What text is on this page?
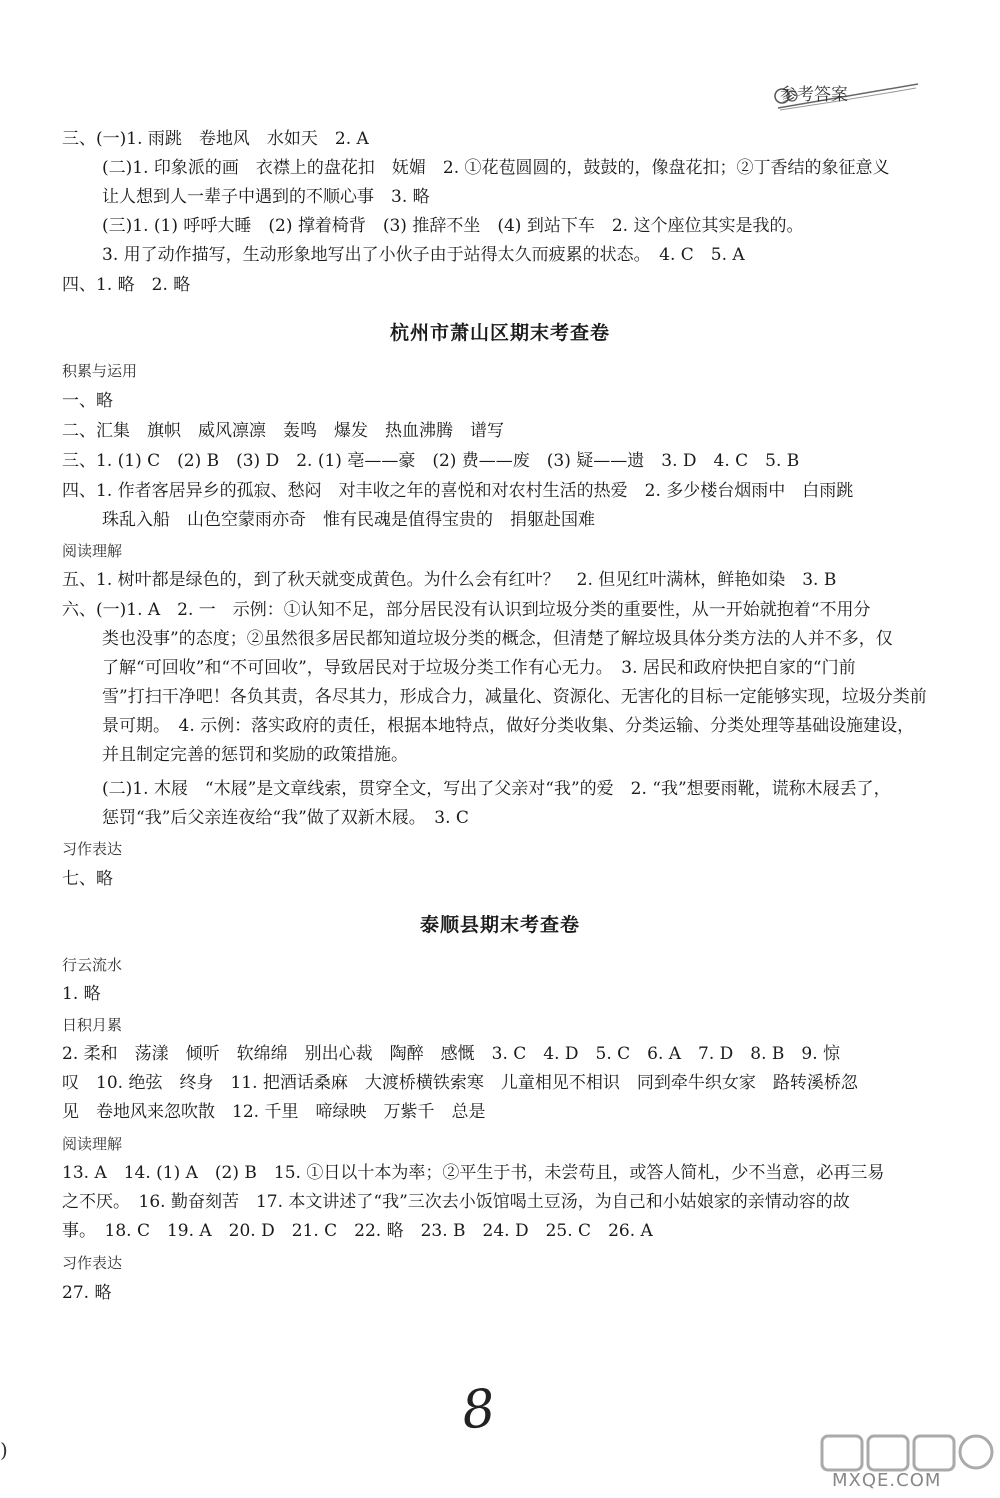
参考答案
三、(一)1. 雨跳　卷地风　水如天　2. A
(二)1. 印象派的画　衣襟上的盘花扣　妩媚　2. ①花苞圆圆的，鼓鼓的，像盘花扣；②丁香结的象征意义
让人想到人一辈子中遇到的不顺心事　3. 略
(三)1. (1) 呼呼大睡　(2) 撑着椅背　(3) 推辞不坐　(4) 到站下车　2. 这个座位其实是我的。
3. 用了动作描写，生动形象地写出了小伙子由于站得太久而疲累的状态。　4. C　5. A
四、1. 略　2. 略
杭州市萧山区期末考查卷
积累与运用
一、略
二、汇集　旗帜　威风凛凛　轰鸣　爆发　热血沸腾　谱写
三、1. (1) C　(2) B　(3) D　2. (1) 亳——豪　(2) 费——废　(3) 疑——遗　3. D　4. C　5. B
四、1. 作者客居异乡的孤寂、愁闷　对丰收之年的喜悦和对农村生活的热爱　2. 多少楼台烟雨中　白雨跳
珠乱入船　山色空蒙雨亦奇　惟有民魂是值得宝贵的　捐躯赴国难
阅读理解
五、1. 树叶都是绿色的，到了秋天就变成黄色。为什么会有红叶？　2. 但见红叶满林，鲜艳如染　3. B
六、(一)1. A　2. 一　示例：①认知不足，部分居民没有认识到垃圾分类的重要性，从一开始就抱着“不用分
类也没事”的态度；②虽然很多居民都知道垃圾分类的概念，但清楚了解垃圾具体分类方法的人并不多，仅
了解“可回收”和“不可回收”，导致居民对于垃圾分类工作有心无力。　3. 居民和政府快把自家的“门前
雪”打扫干净吧！各负其责，各尽其力，形成合力，减量化、资源化、无害化的目标一定能够实现，垃圾分类前
景可期。　4. 示例：落实政府的责任，根据本地特点，做好分类收集、分类运输、分类处理等基础设施建设，
并且制定完善的惩罚和奖励的政策措施。
(二)1. 木屐　“木屐”是文章线索，贯穿全文，写出了父亲对“我”的爱　2. “我”想要雨靴，谎称木屐丢了，
惩罚“我”后父亲连夜给“我”做了双新木屐。　3. C
习作表达
七、略
泰顺县期末考查卷
行云流水
1. 略
日积月累
2. 柔和　荡漾　倾听　软绵绵　别出心裁　陶醉　感慨　3. C　4. D　5. C　6. A　7. D　8. B　9. 惊
叹　10. 绝弦　终身　11. 把酒话桑麻　大渡桥横铁索寒　儿童相见不相识　同到牵牛织女家　路转溪桥忽
见　卷地风来忽吹散　12. 千里　啼绿映　万紫千　总是
阅读理解
13. A　14. (1) A　(2) B　15. ①日以十本为率；②平生于书，未尝苟且，或答人简札，少不当意，必再三易
之不厌。　16. 勤奋刻苦　17. 本文讲述了“我”三次去小饭馆喝土豆汤，为自己和小姑娘家的亲情动容的故
事。　18. C　19. A　20. D　21. C　22. 略　23. B　24. D　25. C　26. A
习作表达
27. 略
)
8
MXQE.COM
